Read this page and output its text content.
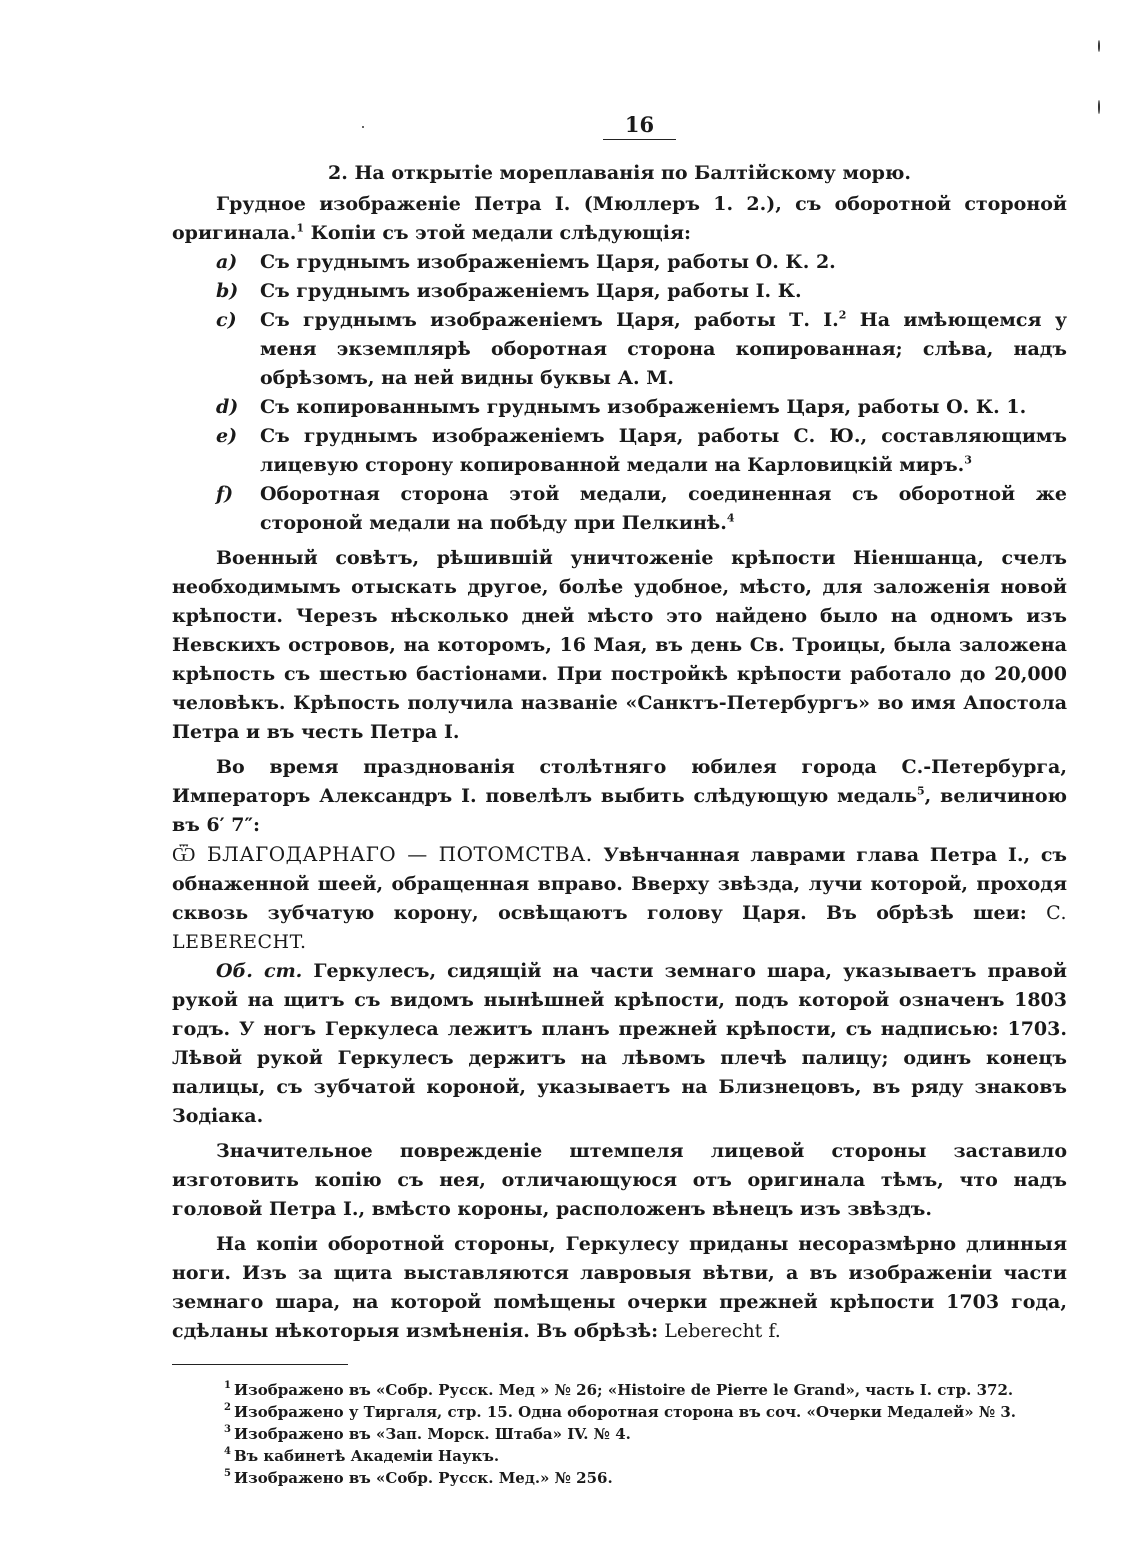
16
2. На открытіе мореплаванія по Балтійскому морю.

Грудное изображеніе Петра I. (Мюллеръ 1. 2.), съ оборотной стороной оригинала.$^1$ Копіи съ этой медали слѣдующія:

a)	Съ груднымъ изображеніемъ Царя, работы О. К. 2.
b)	Съ груднымъ изображеніемъ Царя, работы I. К.
c)	Съ груднымъ изображеніемъ Царя, работы Т. I.$^2$ На имѣющемся у меня экземплярѣ оборотная сторона копированная; слѣва, надъ обрѣзомъ, на ней видны буквы А. М.
d)	Съ копированнымъ груднымъ изображеніемъ Царя, работы О. К. 1.
e)	Съ груднымъ изображеніемъ Царя, работы С. Ю., составляющимъ лицевую сторону копированной медали на Карловицкій миръ.$^3$
f)	Оборотная сторона этой медали, соединенная съ оборотной же стороной медали на побѣду при Пелкинѣ.$^4$

Военный совѣтъ, рѣшившій уничтоженіе крѣпости Ніеншанца, счелъ необходимымъ отыскать другое, болѣе удобное, мѣсто, для заложенія новой крѣпости. Черезъ нѣсколько дней мѣсто это найдено было на одномъ изъ Невскихъ островов, на которомъ, 16 Мая, въ день Св. Троицы, была заложена крѣпость съ шестью бастіонами. При постройкѣ крѣпости работало до 20,000 человѣкъ. Крѣпость получила названіе «Санктъ-Петербургъ» во имя Апостола Петра и въ честь Петра I.

Во время празднованія столѣтняго юбилея города С.-Петербурга, Императоръ Александръ I. повелѣлъ выбить слѣдующую медаль$^5$, величиною въ 6′ 7″:

Ѿ БЛАГОДАРНАГО — ПОТОМСТВА. Увѣнчанная лаврами глава Петра I., съ обнаженной шеей, обращенная вправо. Вверху звѣзда, лучи которой, проходя сквозь зубчатую корону, освѣщаютъ голову Царя. Въ обрѣзѣ шеи: C. LEBERECHT.

Об. ст. Геркулесъ, сидящій на части земнаго шара, указываетъ правой рукой на щитъ съ видомъ нынѣшней крѣпости, подъ которой означенъ 1803 годъ. У ногъ Геркулеса лежитъ планъ прежней крѣпости, съ надписью: 1703. Лѣвой рукой Геркулесъ держитъ на лѣвомъ плечѣ палицу; одинъ конецъ палицы, съ зубчатой короной, указываетъ на Близнецовъ, въ ряду знаковъ Зодіака.

Значительное поврежденіе штемпеля лицевой стороны заставило изготовить копію съ нея, отличающуюся отъ оригинала тѣмъ, что надъ головой Петра I., вмѣсто короны, расположенъ вѣнецъ изъ звѣздъ.

На копіи оборотной стороны, Геркулесу приданы несоразмѣрно длинныя ноги. Изъ за щита выставляются лавровыя вѣтви, а въ изображеніи части земнаго шара, на которой помѣщены очерки прежней крѣпости 1703 года, сдѣланы нѣкоторыя измѣненія. Въ обрѣзѣ: Leberecht f.

1 Изображено въ «Собр. Русск. Мед » № 26; «Histoire de Pierre le Grand», часть I. стр. 372.
2 Изображено у Тиргаля, стр. 15. Одна оборотная сторона въ соч. «Очерки Медалей» № 3.
3 Изображено въ «Зап. Морск. Штаба» IV. № 4.
4 Въ кабинетѣ Академіи Наукъ.
5 Изображено въ «Собр. Русск. Мед.» № 256.
